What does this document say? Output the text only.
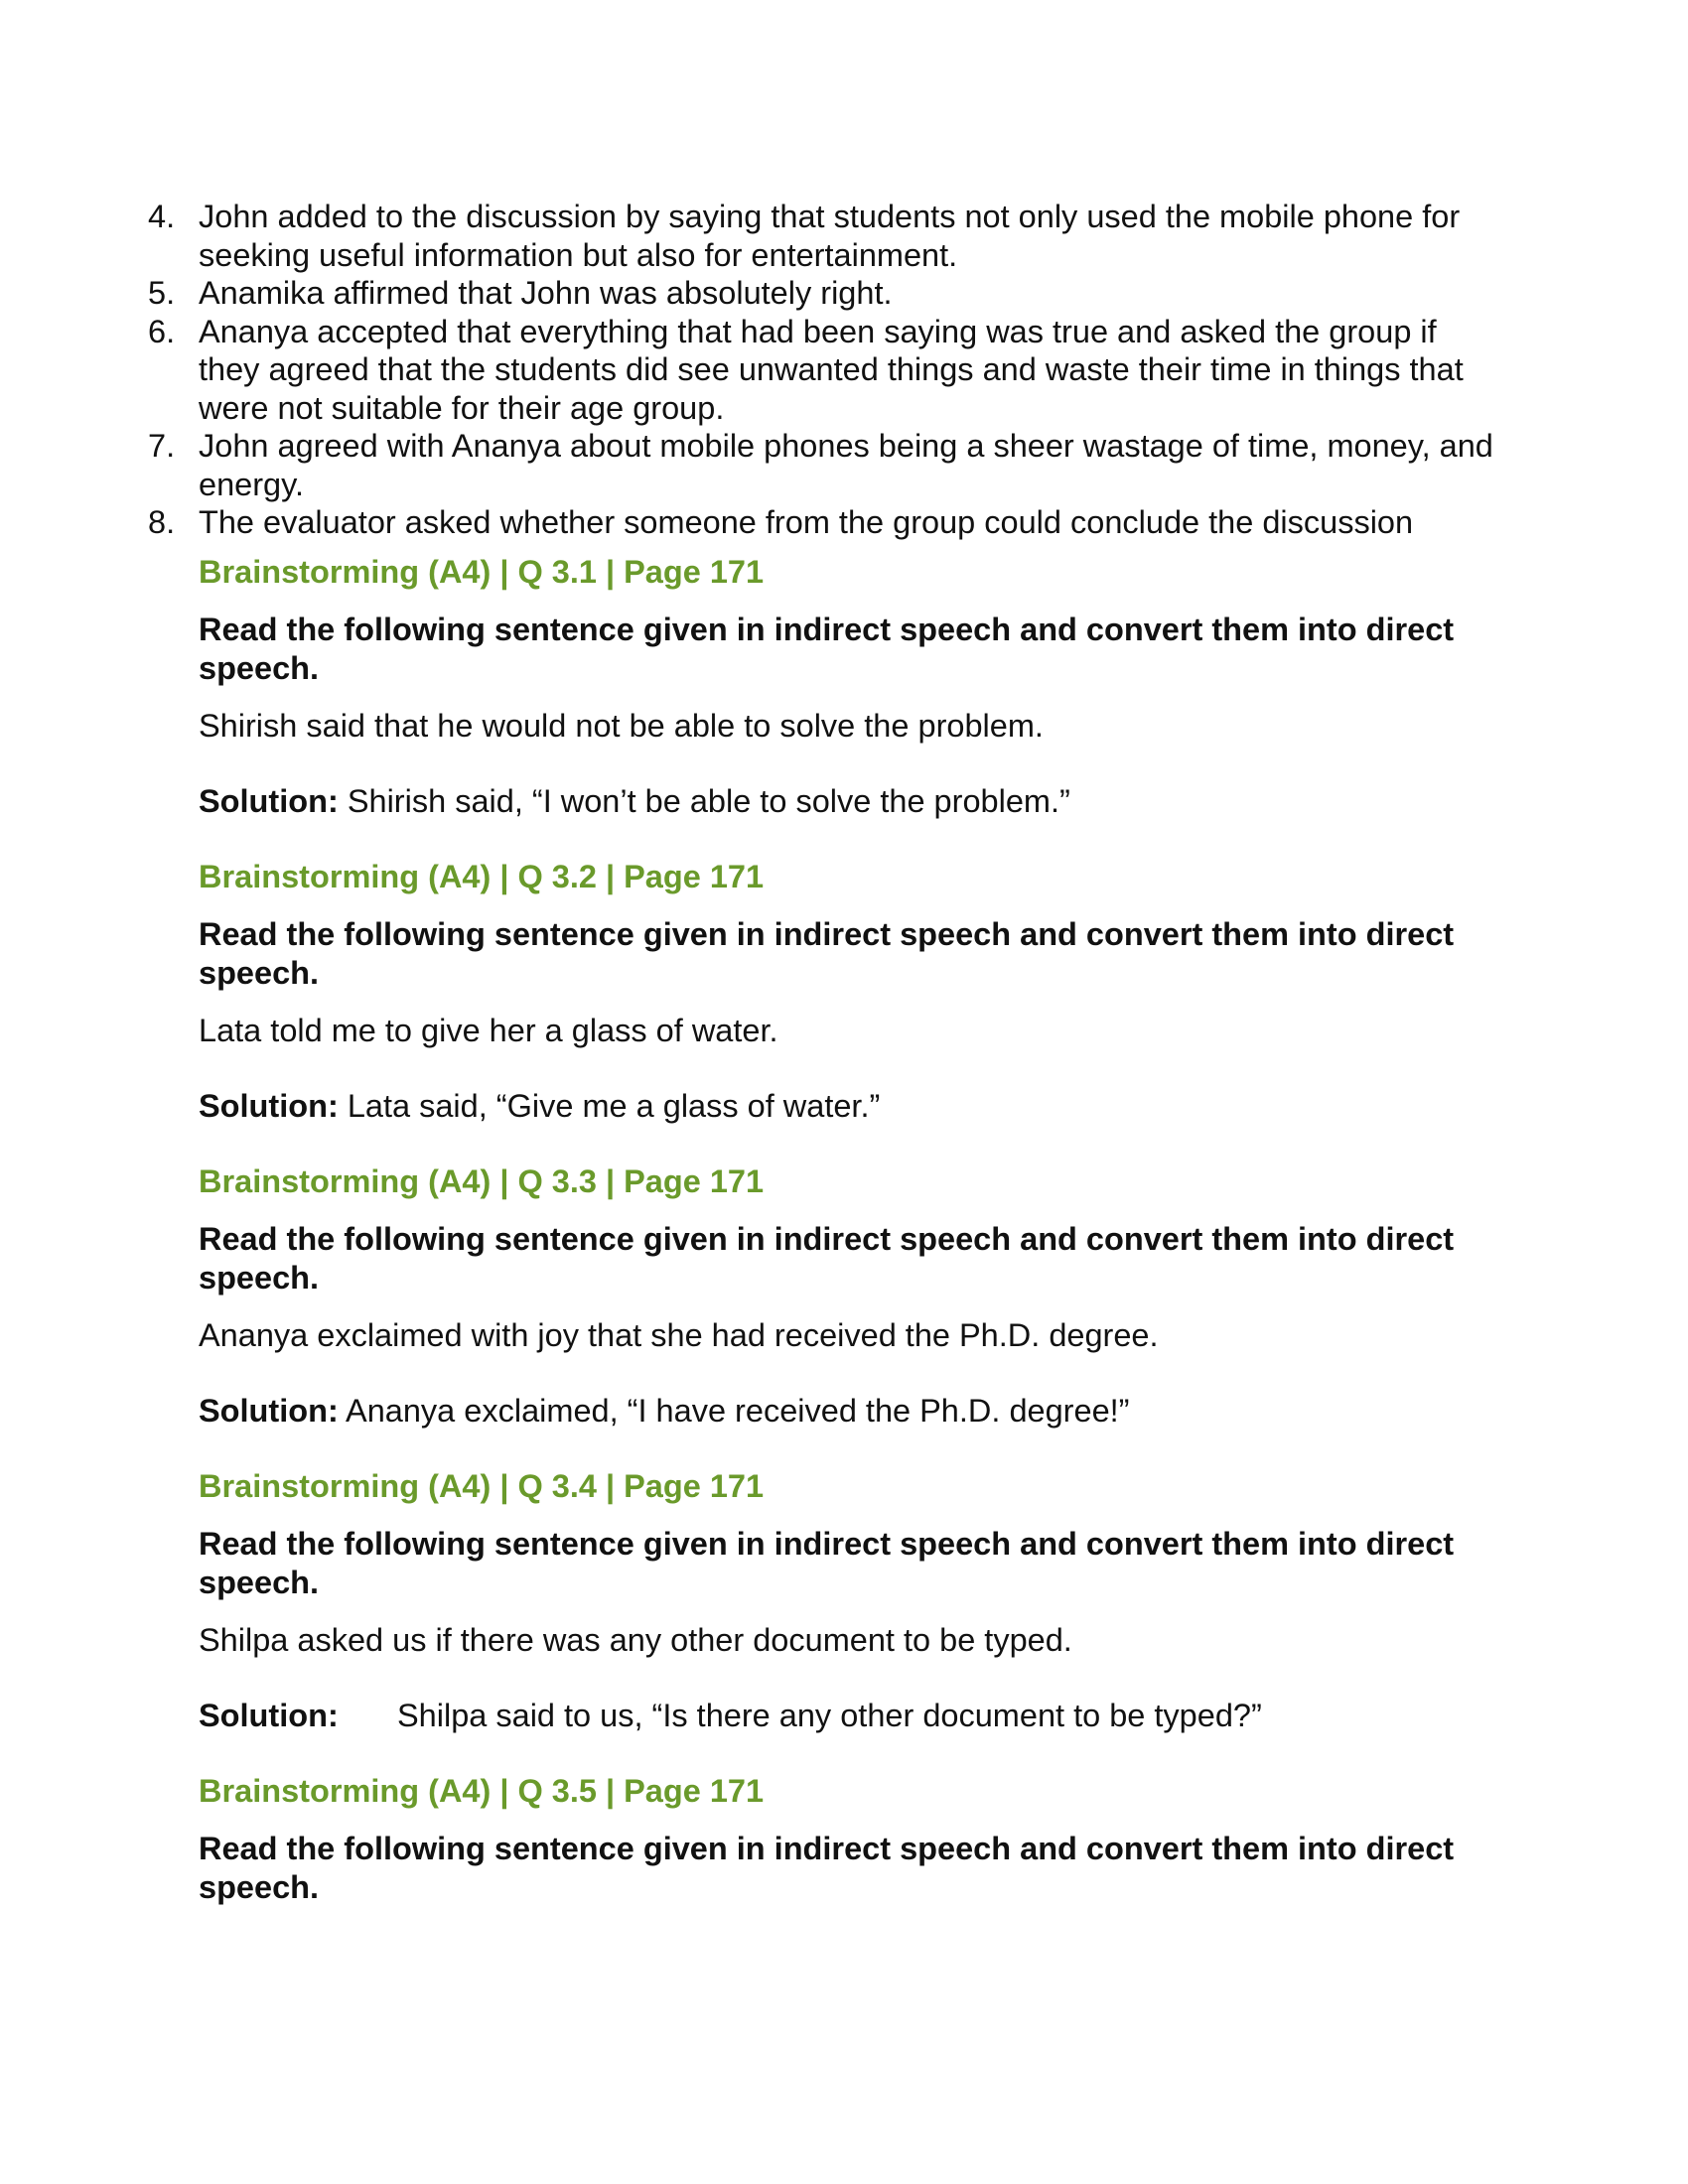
4. John added to the discussion by saying that students not only used the mobile phone for seeking useful information but also for entertainment.
5. Anamika affirmed that John was absolutely right.
6. Ananya accepted that everything that had been saying was true and asked the group if they agreed that the students did see unwanted things and waste their time in things that were not suitable for their age group.
7. John agreed with Ananya about mobile phones being a sheer wastage of time, money, and energy.
8. The evaluator asked whether someone from the group could conclude the discussion
Brainstorming (A4) | Q 3.1 | Page 171
Read the following sentence given in indirect speech and convert them into direct speech.
Shirish said that he would not be able to solve the problem.
Solution: Shirish said, “I won’t be able to solve the problem.”
Brainstorming (A4) | Q 3.2 | Page 171
Read the following sentence given in indirect speech and convert them into direct speech.
Lata told me to give her a glass of water.
Solution: Lata said, “Give me a glass of water.”
Brainstorming (A4) | Q 3.3 | Page 171
Read the following sentence given in indirect speech and convert them into direct speech.
Ananya exclaimed with joy that she had received the Ph.D. degree.
Solution: Ananya exclaimed, “I have received the Ph.D. degree!”
Brainstorming (A4) | Q 3.4 | Page 171
Read the following sentence given in indirect speech and convert them into direct speech.
Shilpa asked us if there was any other document to be typed.
Solution: Shilpa said to us, “Is there any other document to be typed?”
Brainstorming (A4) | Q 3.5 | Page 171
Read the following sentence given in indirect speech and convert them into direct speech.
